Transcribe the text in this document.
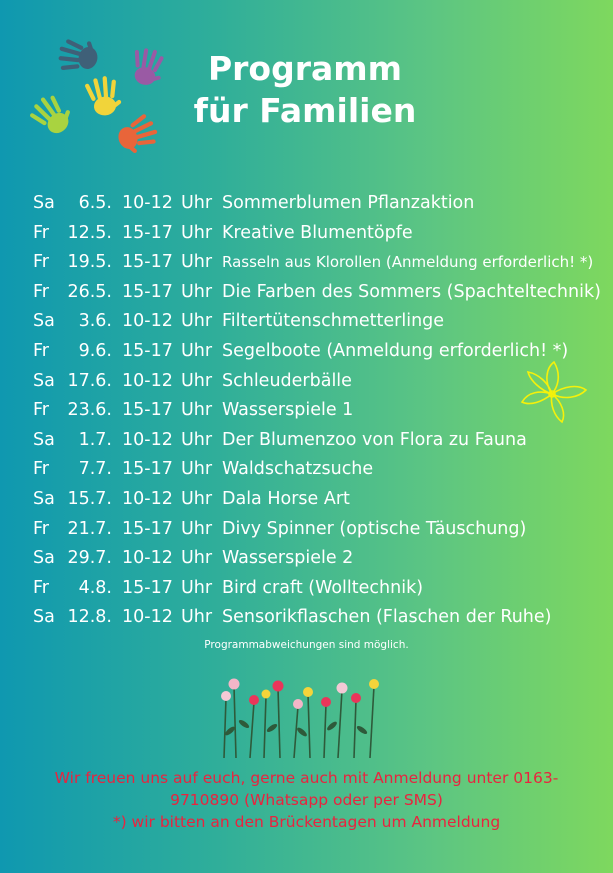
Programm
für Familien
Sa	6.5. 10-12 Uhr Sommerblumen Pflanzaktion
Fr	12.5. 15-17 Uhr Kreative Blumentöpfe
Fr	19.5. 15-17 Uhr Rasseln aus Klorollen (Anmeldung erforderlich! *)
Fr	26.5. 15-17 Uhr Die Farben des Sommers (Spachteltechnik)
Sa	3.6. 10-12 Uhr Filtertütenschmetterlinge
Fr	9.6. 15-17 Uhr Segelboote (Anmeldung erforderlich! *)
Sa 17.6. 10-12 Uhr Schleuderbälle
Fr	23.6. 15-17 Uhr Wasserspiele 1
Sa	1.7. 10-12 Uhr Der Blumenzoo von Flora zu Fauna
Fr	7.7. 15-17 Uhr Waldschatzsuche
Sa 15.7. 10-12 Uhr Dala Horse Art
Fr	21.7. 15-17 Uhr Divy Spinner (optische Täuschung)
Sa 29.7. 10-12 Uhr Wasserspiele 2
Fr	4.8. 15-17 Uhr Bird craft (Wolltechnik)
Sa 12.8. 10-12 Uhr Sensorikflaschen (Flaschen der Ruhe)
Programmabweichungen sind möglich.
Wir freuen uns auf euch, gerne auch mit Anmeldung unter 0163-
9710890 (Whatsapp oder per SMS)
*) wir bitten an den Brückentagen um Anmeldung
